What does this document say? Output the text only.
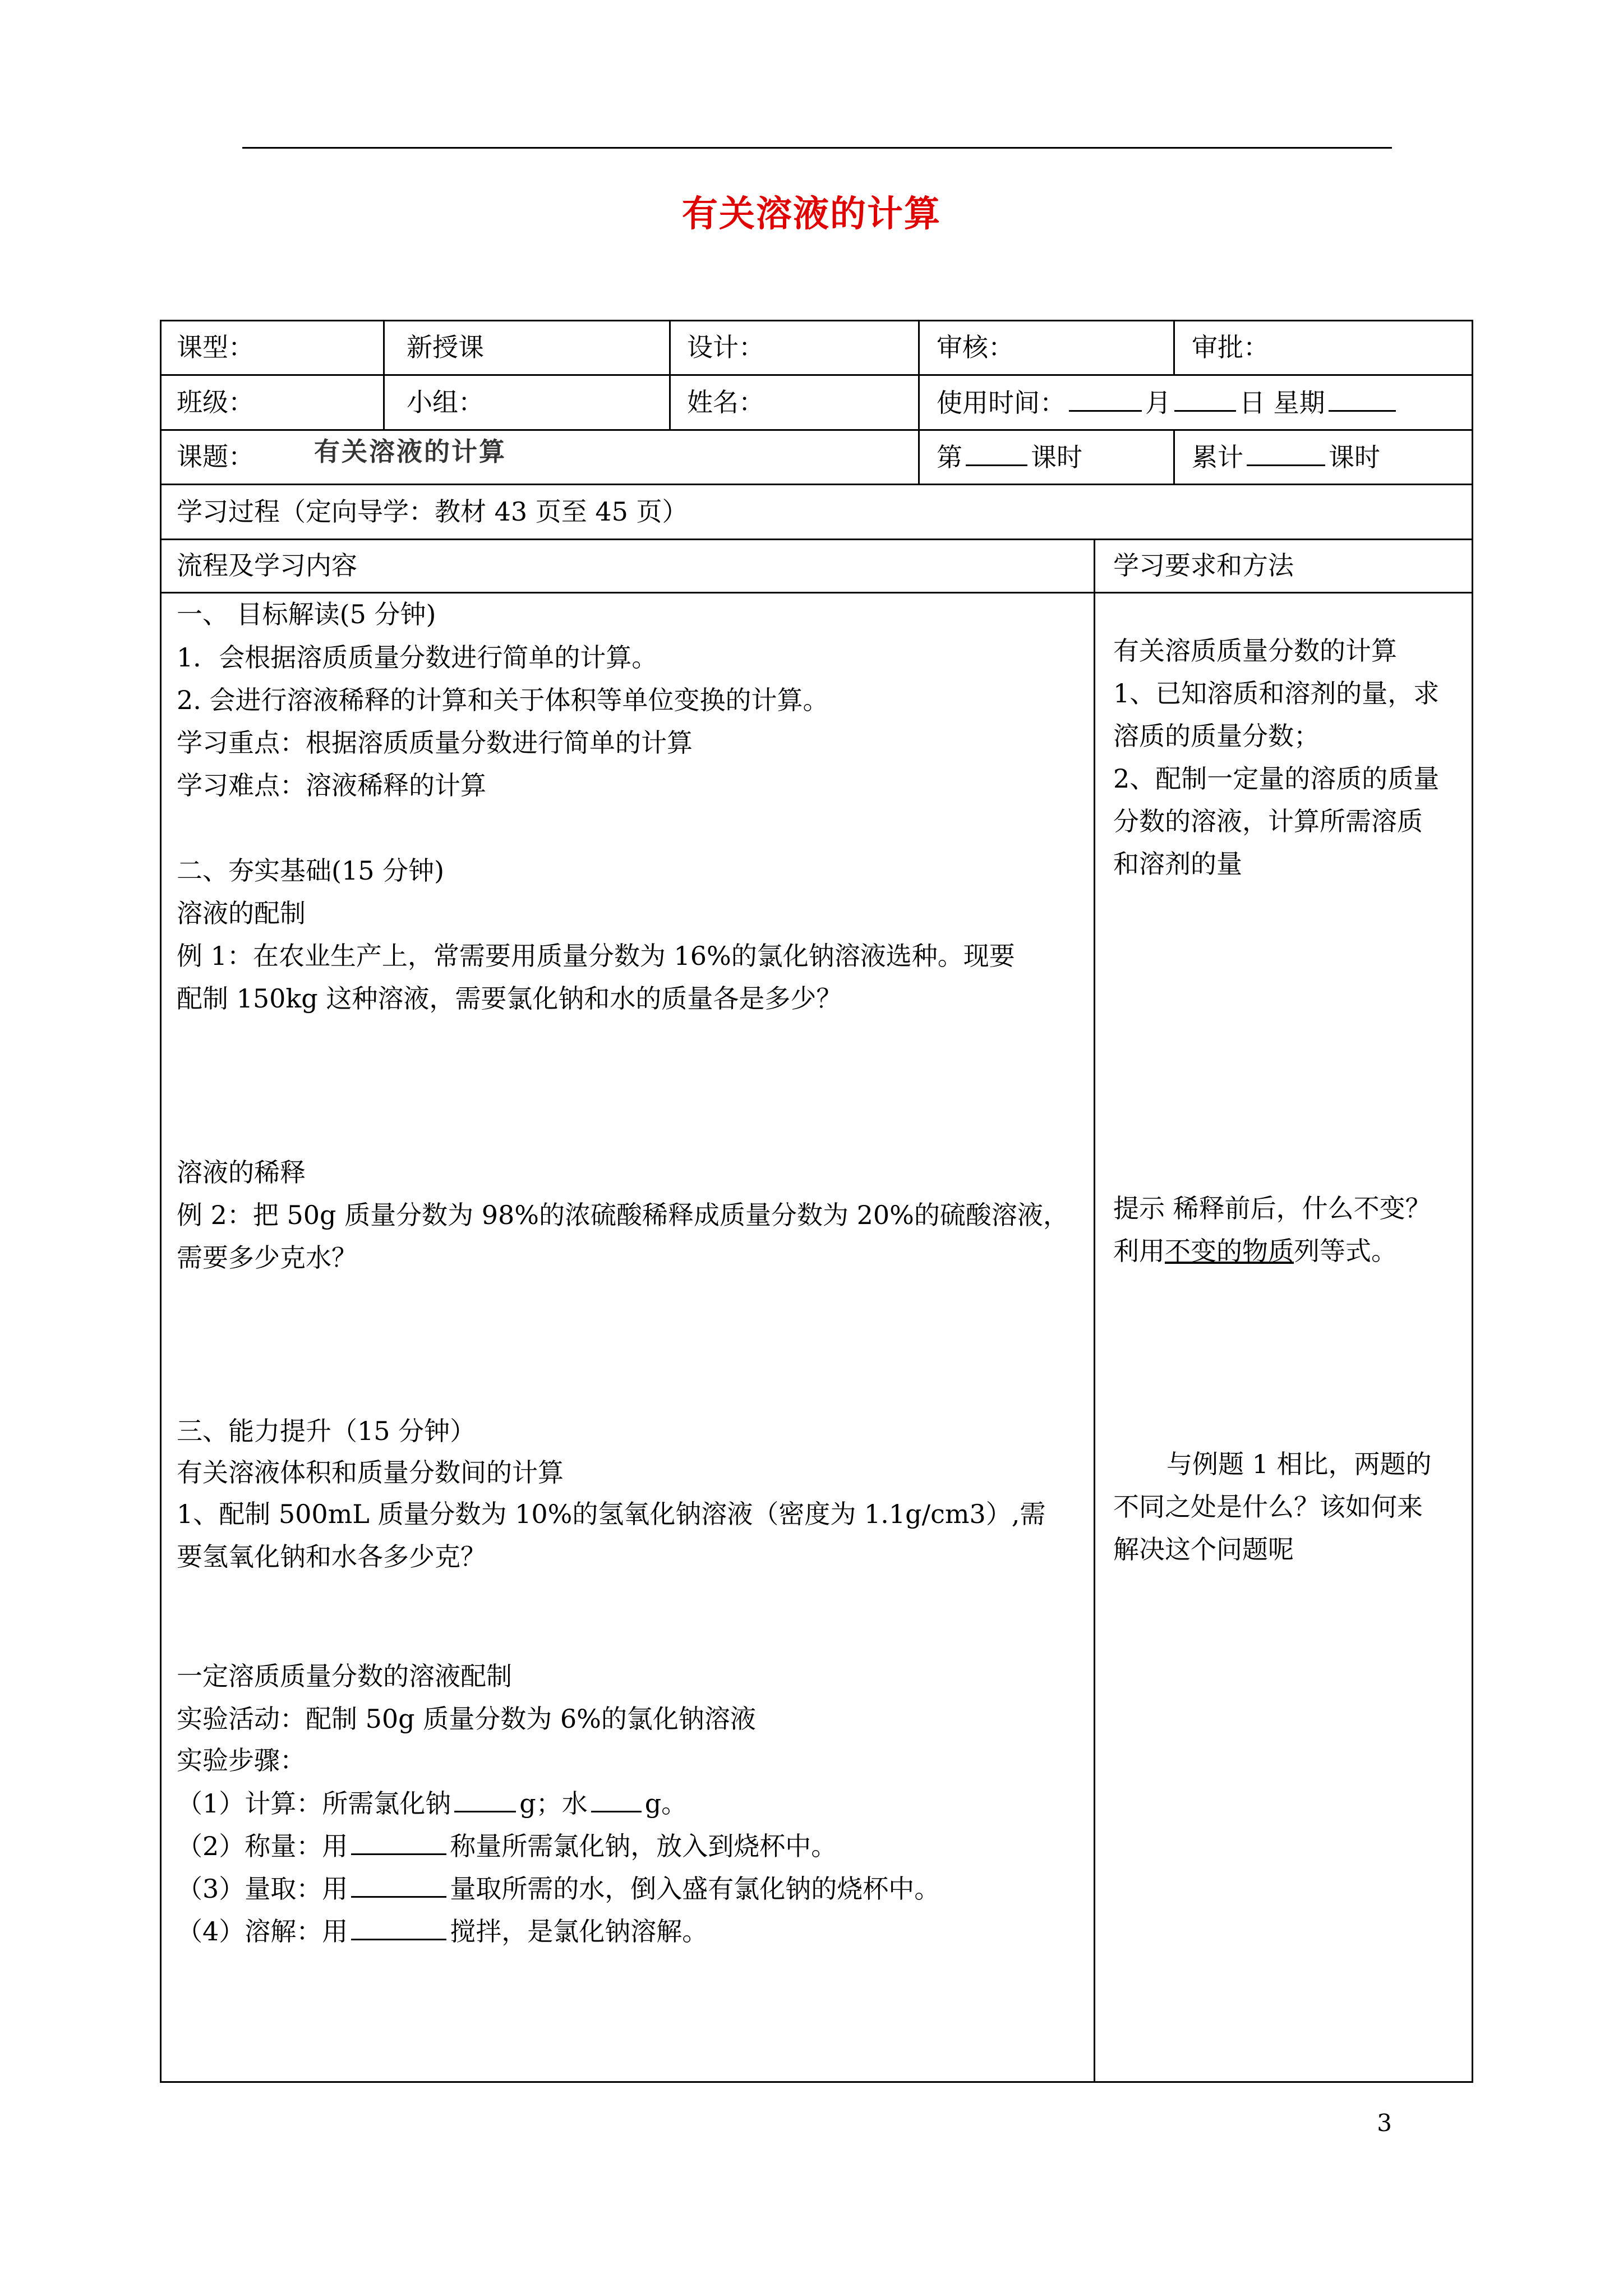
有关溶液的计算
课型：	新授课	设计：	审核：	审批：
班级：	小组：	姓名：	使用时间：	月	日 星期
课题： 有关溶液的计算	第	课时	累计	课时
学习过程（定向导学：教材 43 页至 45 页）
流程及学习内容	学习要求和方法
一、 目标解读(5 分钟)
1．会根据溶质质量分数进行简单的计算。
2. 会进行溶液稀释的计算和关于体积等单位变换的计算。
学习重点：根据溶质质量分数进行简单的计算
学习难点：溶液稀释的计算
二、夯实基础(15 分钟)
溶液的配制
例 1：在农业生产上，常需要用质量分数为 16%的氯化钠溶液选种。现要
配制 150kg 这种溶液，需要氯化钠和水的质量各是多少？
溶液的稀释
例 2：把 50g 质量分数为 98%的浓硫酸稀释成质量分数为 20%的硫酸溶液，
需要多少克水？
三、能力提升（15 分钟）
有关溶液体积和质量分数间的计算
1、配制 500mL 质量分数为 10%的氢氧化钠溶液（密度为 1.1g/cm3）,需
要氢氧化钠和水各多少克？
一定溶质质量分数的溶液配制
实验活动：配制 50g 质量分数为 6%的氯化钠溶液
实验步骤：
（1）计算：所需氯化钠	g；水 g。
（2）称量：用	称量所需氯化钠，放入到烧杯中。
（3）量取：用	量取所需的水，倒入盛有氯化钠的烧杯中。
（4）溶解：用	搅拌，是氯化钠溶解。
有关溶质质量分数的计算
1、已知溶质和溶剂的量，求
溶质的质量分数；
2、配制一定量的溶质的质量
分数的溶液，计算所需溶质
和溶剂的量
提示 稀释前后，什么不变？
利用不变的物质列等式。
与例题 1 相比，两题的
不同之处是什么？该如何来
解决这个问题呢
3
